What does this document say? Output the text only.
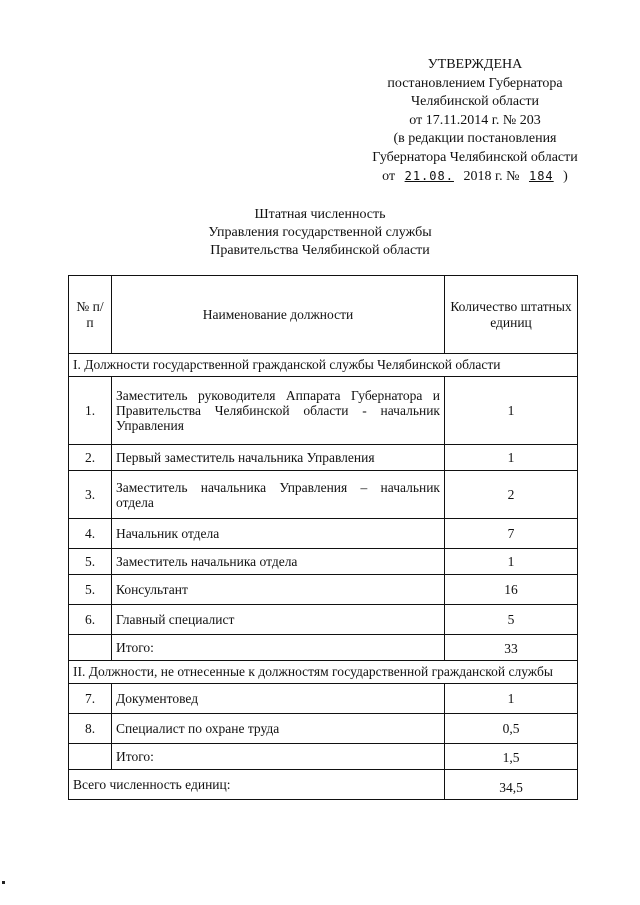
УТВЕРЖДЕНА
постановлением Губернатора
Челябинской области
от 17.11.2014 г. № 203
(в редакции постановления
Губернатора Челябинской области
от 21.08. 2018 г. № 184 )
Штатная численность
Управления государственной службы
Правительства Челябинской области
№ п/п	Наименование должности	Количество штатных единиц
I. Должности государственной гражданской службы Челябинской области		
1.	Заместитель руководителя Аппарата Губернатора и Правительства Челябинской области - начальник Управления	1
2.	Первый заместитель начальника Управления	1
3.	Заместитель начальника Управления – начальник отдела	2
4.	Начальник отдела	7
5.	Заместитель начальника отдела	1
5.	Консультант	16
6.	Главный специалист	5
	Итого:	33
II. Должности, не отнесенные к должностям государственной гражданской службы		
7.	Документовед	1
8.	Специалист по охране труда	0,5
	Итого:	1,5
Всего численность единиц:		34,5
